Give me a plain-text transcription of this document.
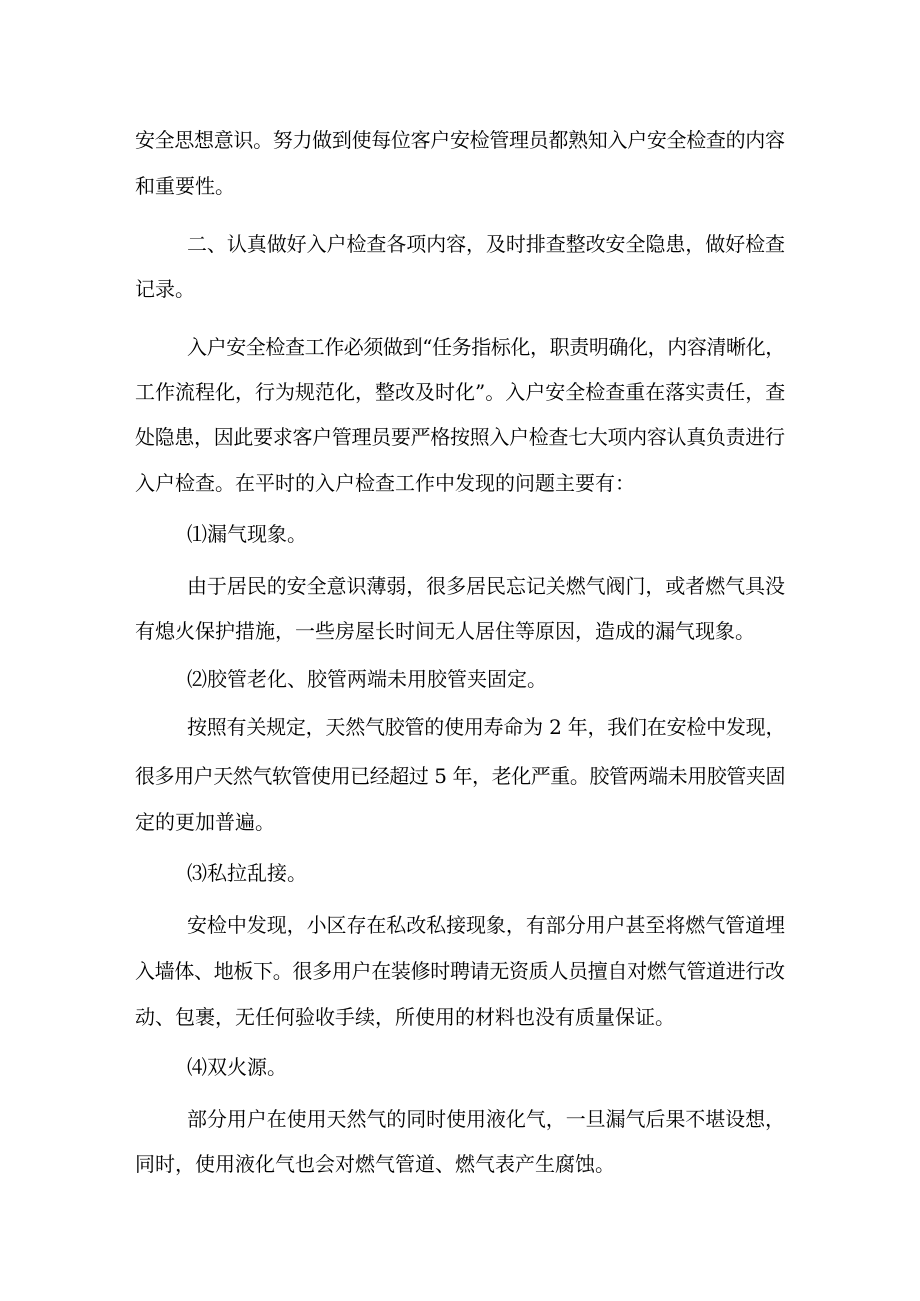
安全思想意识。努力做到使每位客户安检管理员都熟知入户安全检查的内容
和重要性。
二、认真做好入户检查各项内容，及时排查整改安全隐患，做好检查
记录。
入户安全检查工作必须做到“任务指标化，职责明确化，内容清晰化，
工作流程化，行为规范化，整改及时化”。入户安全检查重在落实责任，查
处隐患，因此要求客户管理员要严格按照入户检查七大项内容认真负责进行
入户检查。在平时的入户检查工作中发现的问题主要有：
⑴漏气现象。
由于居民的安全意识薄弱，很多居民忘记关燃气阀门，或者燃气具没
有熄火保护措施，一些房屋长时间无人居住等原因，造成的漏气现象。
⑵胶管老化、胶管两端未用胶管夹固定。
按照有关规定，天然气胶管的使用寿命为 2 年，我们在安检中发现，
很多用户天然气软管使用已经超过 5 年，老化严重。胶管两端未用胶管夹固
定的更加普遍。
⑶私拉乱接。
安检中发现，小区存在私改私接现象，有部分用户甚至将燃气管道埋
入墙体、地板下。很多用户在装修时聘请无资质人员擅自对燃气管道进行改
动、包裹，无任何验收手续，所使用的材料也没有质量保证。
⑷双火源。
部分用户在使用天然气的同时使用液化气，一旦漏气后果不堪设想，
同时，使用液化气也会对燃气管道、燃气表产生腐蚀。
